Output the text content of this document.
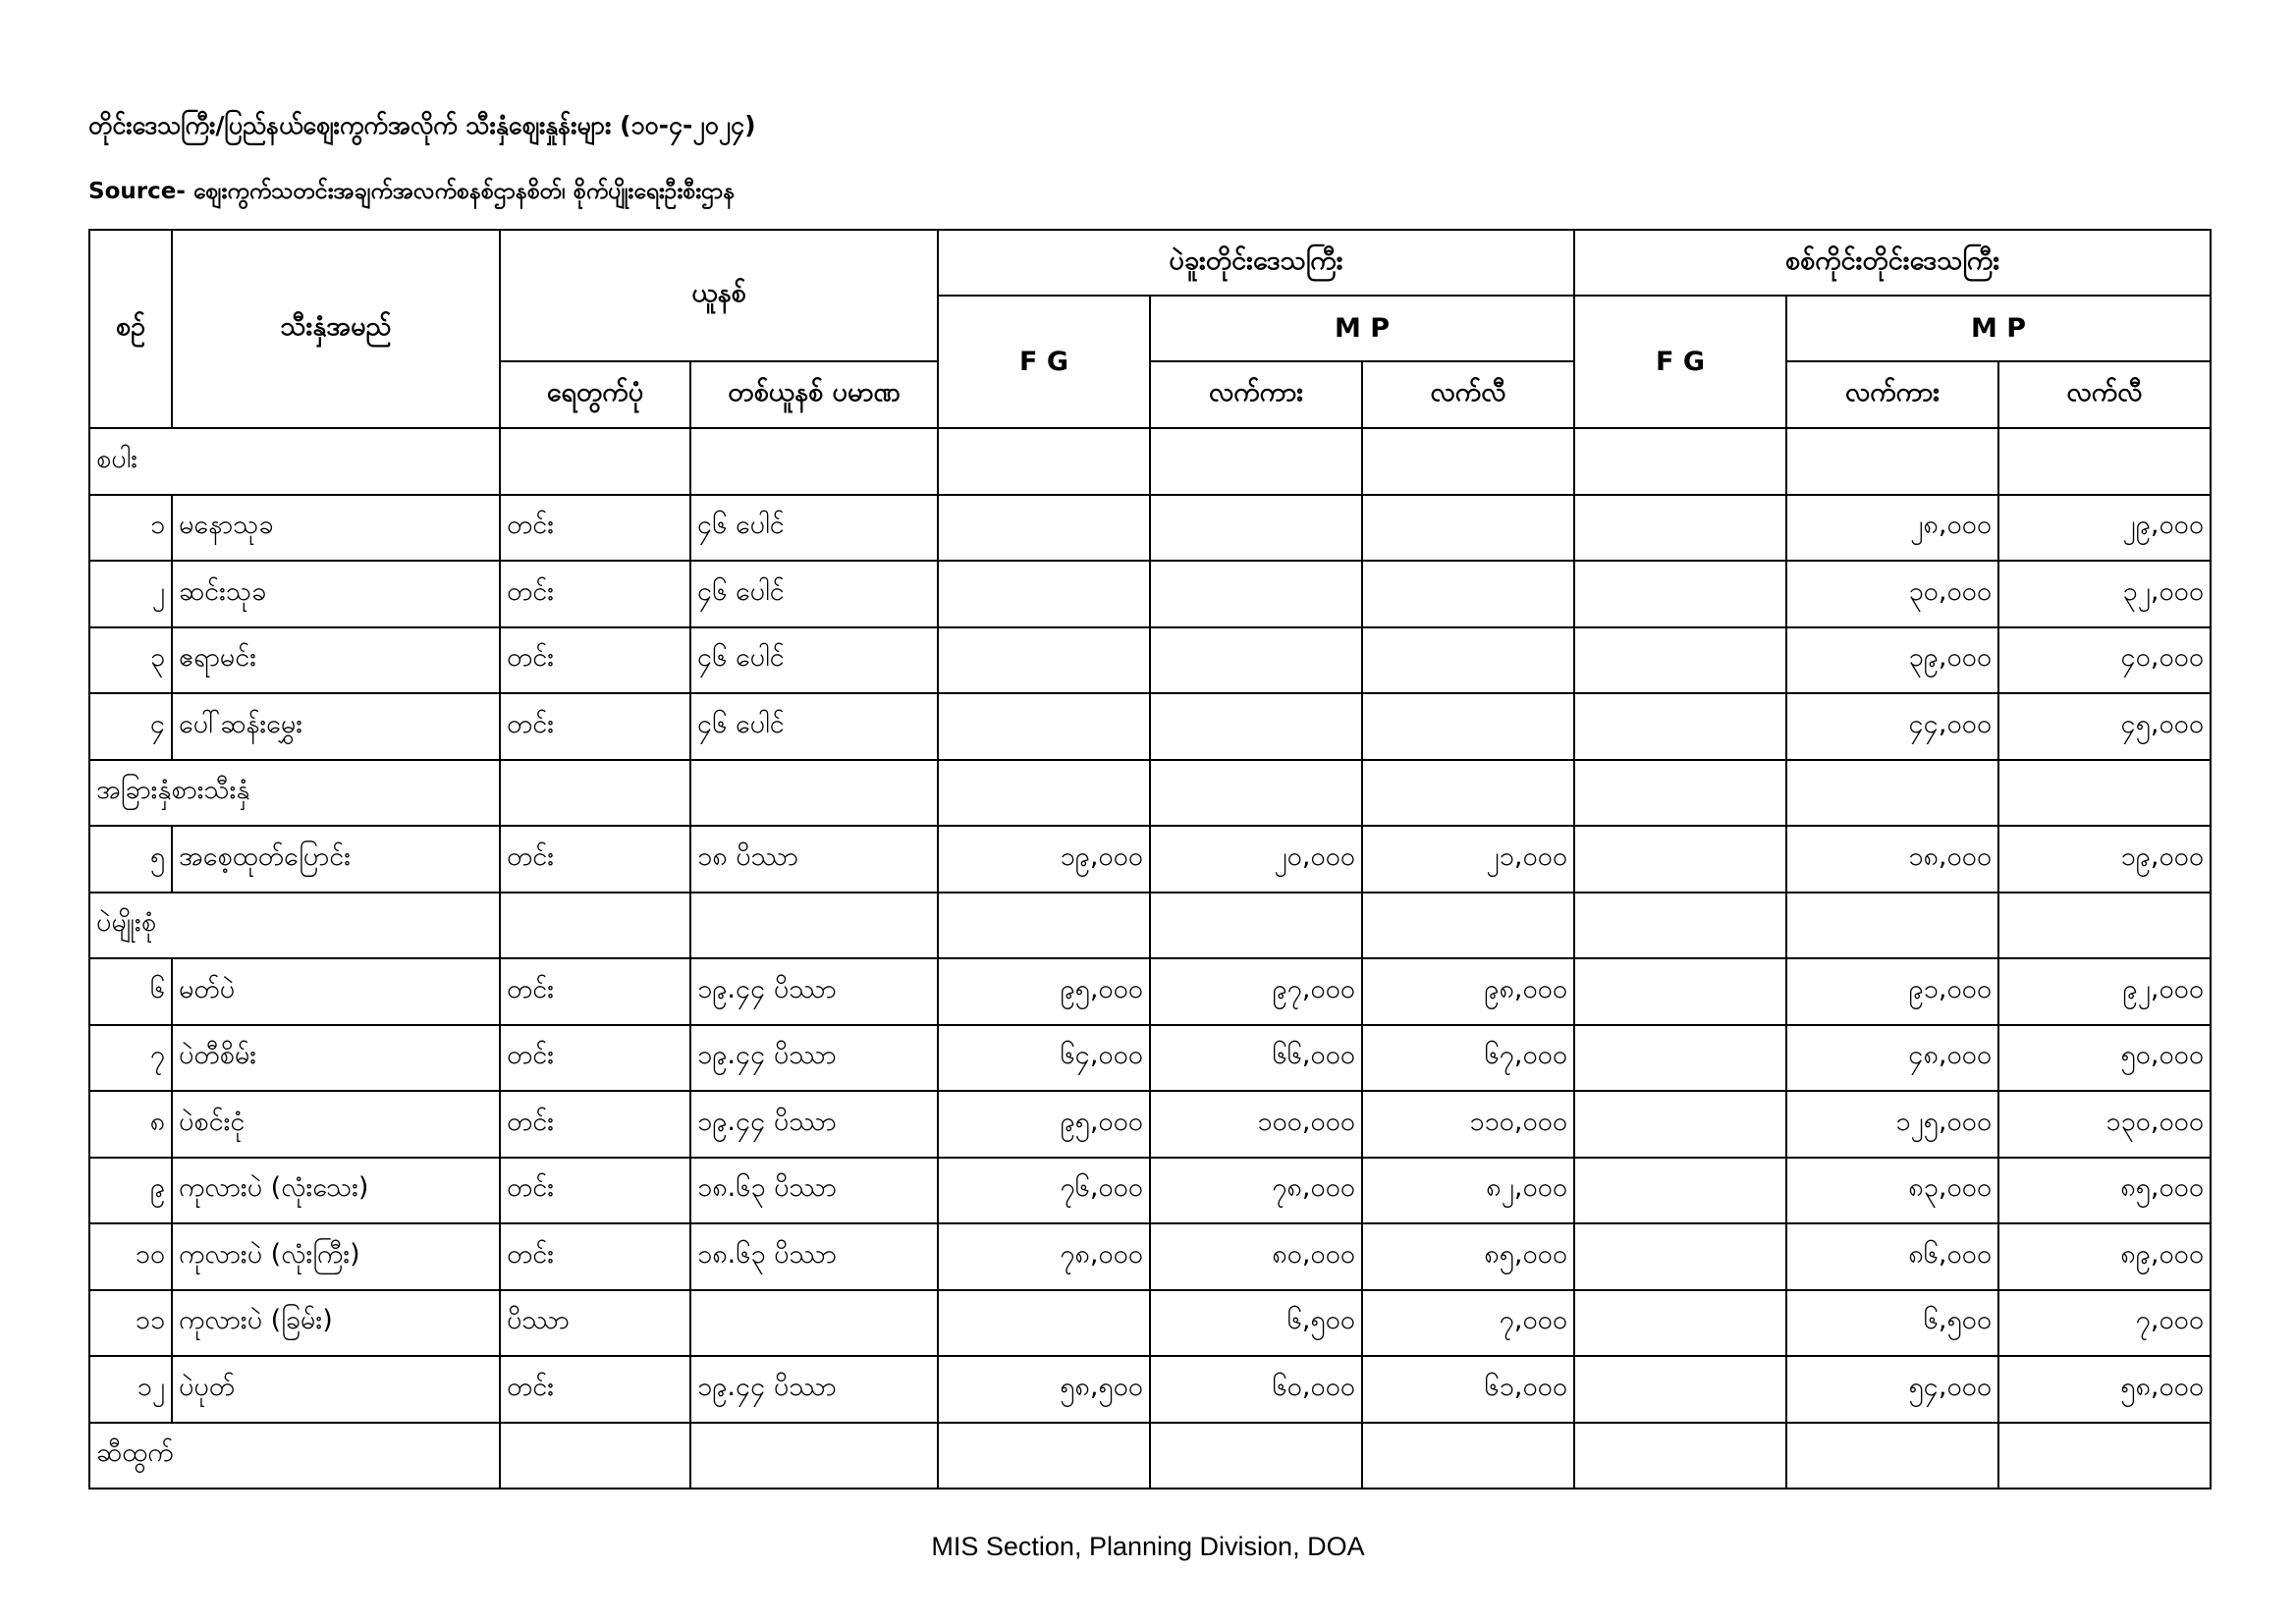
တိုင်းဒေသကြီး/ပြည်နယ်ဈေးကွက်အလိုက် သီးနှံဈေးနှုန်းများ (၁၀-၄-၂၀၂၄)
Source- ဈေးကွက်သတင်းအချက်အလက်စနစ်ဌာနစိတ်၊ စိုက်ပျိုးရေးဦးစီးဌာန
စဉ်	သီးနှံအမည်	ယူနစ်		ပဲခူးတိုင်းဒေသကြီး			စစ်ကိုင်းတိုင်းဒေသကြီး		
				F G	M P		F G	M P	
		ရေတွက်ပုံ	တစ်ယူနစ် ပမာဏ		လက်ကား	လက်လီ		လက်ကား	လက်လီ
စပါး									
၁	မနောသုခ	တင်း	၄၆ ပေါင်					၂၈,၀၀၀	၂၉,၀၀၀
၂	ဆင်းသုခ	တင်း	၄၆ ပေါင်					၃၀,၀၀၀	၃၂,၀၀၀
၃	ဧရာမင်း	တင်း	၄၆ ပေါင်					၃၉,၀၀၀	၄၀,၀၀၀
၄	ပေါ်ဆန်းမွှေး	တင်း	၄၆ ပေါင်					၄၄,၀၀၀	၄၅,၀၀၀
အခြားနှံစားသီးနှံ									
၅	အစေ့ထုတ်ပြောင်း	တင်း	၁၈ ပိဿာ	၁၉,၀၀၀	၂၀,၀၀၀	၂၁,၀၀၀		၁၈,၀၀၀	၁၉,၀၀၀
ပဲမျိုးစုံ									
၆	မတ်ပဲ	တင်း	၁၉.၄၄ ပိဿာ	၉၅,၀၀၀	၉၇,၀၀၀	၉၈,၀၀၀		၉၁,၀၀၀	၉၂,၀၀၀
၇	ပဲတီစိမ်း	တင်း	၁၉.၄၄ ပိဿာ	၆၄,၀၀၀	၆၆,၀၀၀	၆၇,၀၀၀		၄၈,၀၀၀	၅၀,၀၀၀
၈	ပဲစင်းငုံ	တင်း	၁၉.၄၄ ပိဿာ	၉၅,၀၀၀	၁၀၀,၀၀၀	၁၁၀,၀၀၀		၁၂၅,၀၀၀	၁၃၀,၀၀၀
၉	ကုလားပဲ (လုံးသေး)	တင်း	၁၈.၆၃ ပိဿာ	၇၆,၀၀၀	၇၈,၀၀၀	၈၂,၀၀၀		၈၃,၀၀၀	၈၅,၀၀၀
၁၀	ကုလားပဲ (လုံးကြီး)	တင်း	၁၈.၆၃ ပိဿာ	၇၈,၀၀၀	၈၀,၀၀၀	၈၅,၀၀၀		၈၆,၀၀၀	၈၉,၀၀၀
၁၁	ကုလားပဲ (ခြမ်း)	ပိဿာ			၆,၅၀၀	၇,၀၀၀		၆,၅၀၀	၇,၀၀၀
၁၂	ပဲပုတ်	တင်း	၁၉.၄၄ ပိဿာ	၅၈,၅၀၀	၆၀,၀၀၀	၆၁,၀၀၀		၅၄,၀၀၀	၅၈,၀၀၀
ဆီထွက်									
MIS Section, Planning Division, DOA
